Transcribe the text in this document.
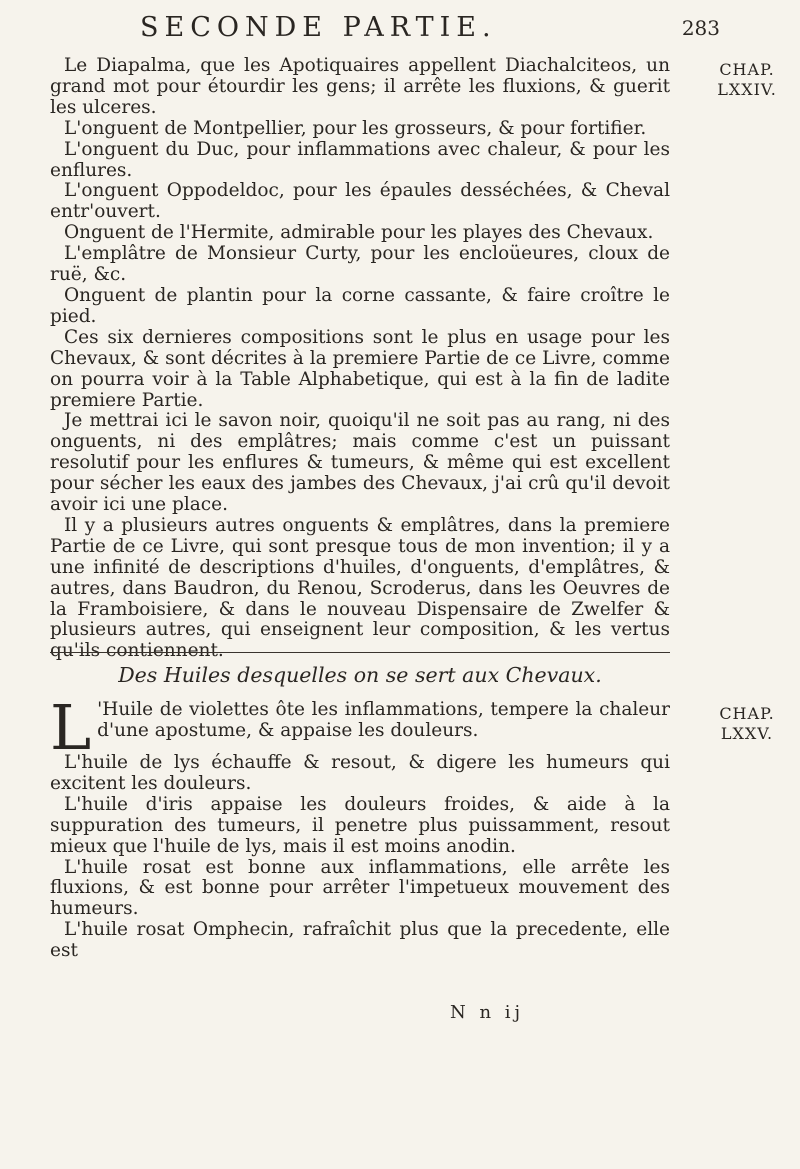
SECONDE PARTIE.	283
CHAP.
LXXIV.

Le Diapalma, que les Apotiquaires appellent Diachalciteos, un grand mot pour étourdir les gens; il arrête les fluxions, & guerit les ulceres.

L'onguent de Montpellier, pour les grosseurs, & pour fortifier.

L'onguent du Duc, pour inflammations avec chaleur, & pour les enflures.

L'onguent Oppodeldoc, pour les épaules desséchées, & Cheval entr'ouvert.

Onguent de l'Hermite, admirable pour les playes des Chevaux.

L'emplâtre de Monsieur Curty, pour les encloüeures, cloux de ruë, &c.

Onguent de plantin pour la corne cassante, & faire croître le pied.

Ces six dernieres compositions sont le plus en usage pour les Chevaux, & sont décrites à la premiere Partie de ce Livre, comme on pourra voir à la Table Alphabetique, qui est à la fin de ladite premiere Partie.

Je mettrai ici le savon noir, quoiqu'il ne soit pas au rang, ni des onguents, ni des emplâtres; mais comme c'est un puissant resolutif pour les enflures & tumeurs, & même qui est excellent pour sécher les eaux des jambes des Chevaux, j'ai crû qu'il devoit avoir ici une place.

Il y a plusieurs autres onguents & emplâtres, dans la premiere Partie de ce Livre, qui sont presque tous de mon invention; il y a une infinité de descriptions d'huiles, d'onguents, d'emplâtres, & autres, dans Baudron, du Renou, Scroderus, dans les Oeuvres de la Framboisiere, & dans le nouveau Dispensaire de Zwelfer & plusieurs autres, qui enseignent leur composition, & les vertus qu'ils contiennent.

Des Huiles desquelles on se sert aux Chevaux.
CHAP.
LXXV.

L 'Huile de violettes ôte les inflammations, tempere la chaleur d'une apostume, & appaise les douleurs.

L'huile de lys échauffe & resout, & digere les humeurs qui excitent les douleurs.

L'huile d'iris appaise les douleurs froides, & aide à la suppuration des tumeurs, il penetre plus puissamment, resout mieux que l'huile de lys, mais il est moins anodin.

L'huile rosat est bonne aux inflammations, elle arrête les fluxions, & est bonne pour arrêter l'impetueux mouvement des humeurs.

L'huile rosat Omphecin, rafraîchit plus que la precedente, elle est

N n ij
